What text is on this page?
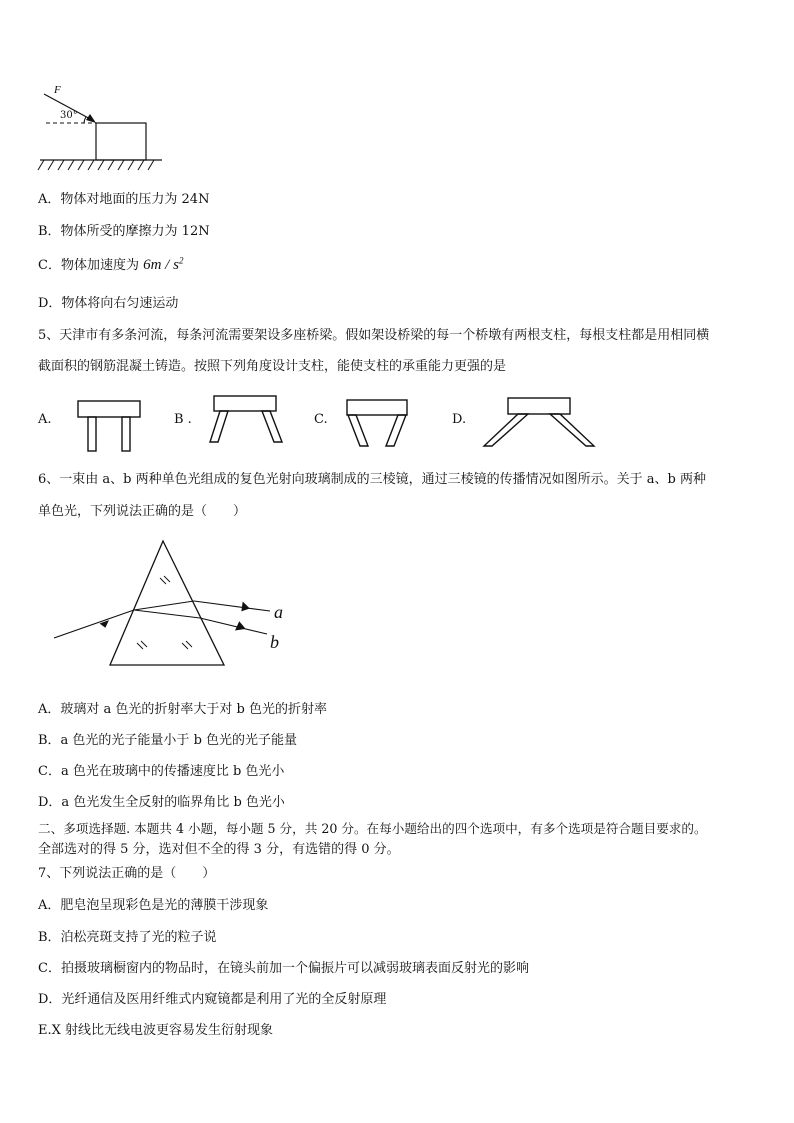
F
30°
A．物体对地面的压力为 24N
B．物体所受的摩擦力为 12N
C．物体加速度为 $6m / s^2$
D．物体将向右匀速运动
5、天津市有多条河流，每条河流需要架设多座桥梁。假如架设桥梁的每一个桥墩有两根支柱，每根支柱都是用相同横
截面积的钢筋混凝土铸造。按照下列角度设计支柱，能使支柱的承重能力更强的是
A.	B .	C.	D.
6、一束由 a、b 两种单色光组成的复色光射向玻璃制成的三棱镜，通过三棱镜的传播情况如图所示。关于 a、b 两种
单色光，下列说法正确的是（　　）
a
b
A．玻璃对 a 色光的折射率大于对 b 色光的折射率
B．a 色光的光子能量小于 b 色光的光子能量
C．a 色光在玻璃中的传播速度比 b 色光小
D．a 色光发生全反射的临界角比 b 色光小
二、多项选择题. 本题共 4 小题，每小题 5 分，共 20 分。在每小题给出的四个选项中，有多个选项是符合题目要求的。
全部选对的得 5 分，选对但不全的得 3 分，有选错的得 0 分。
7、下列说法正确的是（　　）
A．肥皂泡呈现彩色是光的薄膜干涉现象
B．泊松亮斑支持了光的粒子说
C．拍摄玻璃橱窗内的物品时，在镜头前加一个偏振片可以减弱玻璃表面反射光的影响
D．光纤通信及医用纤维式内窥镜都是利用了光的全反射原理
E.X 射线比无线电波更容易发生衍射现象
